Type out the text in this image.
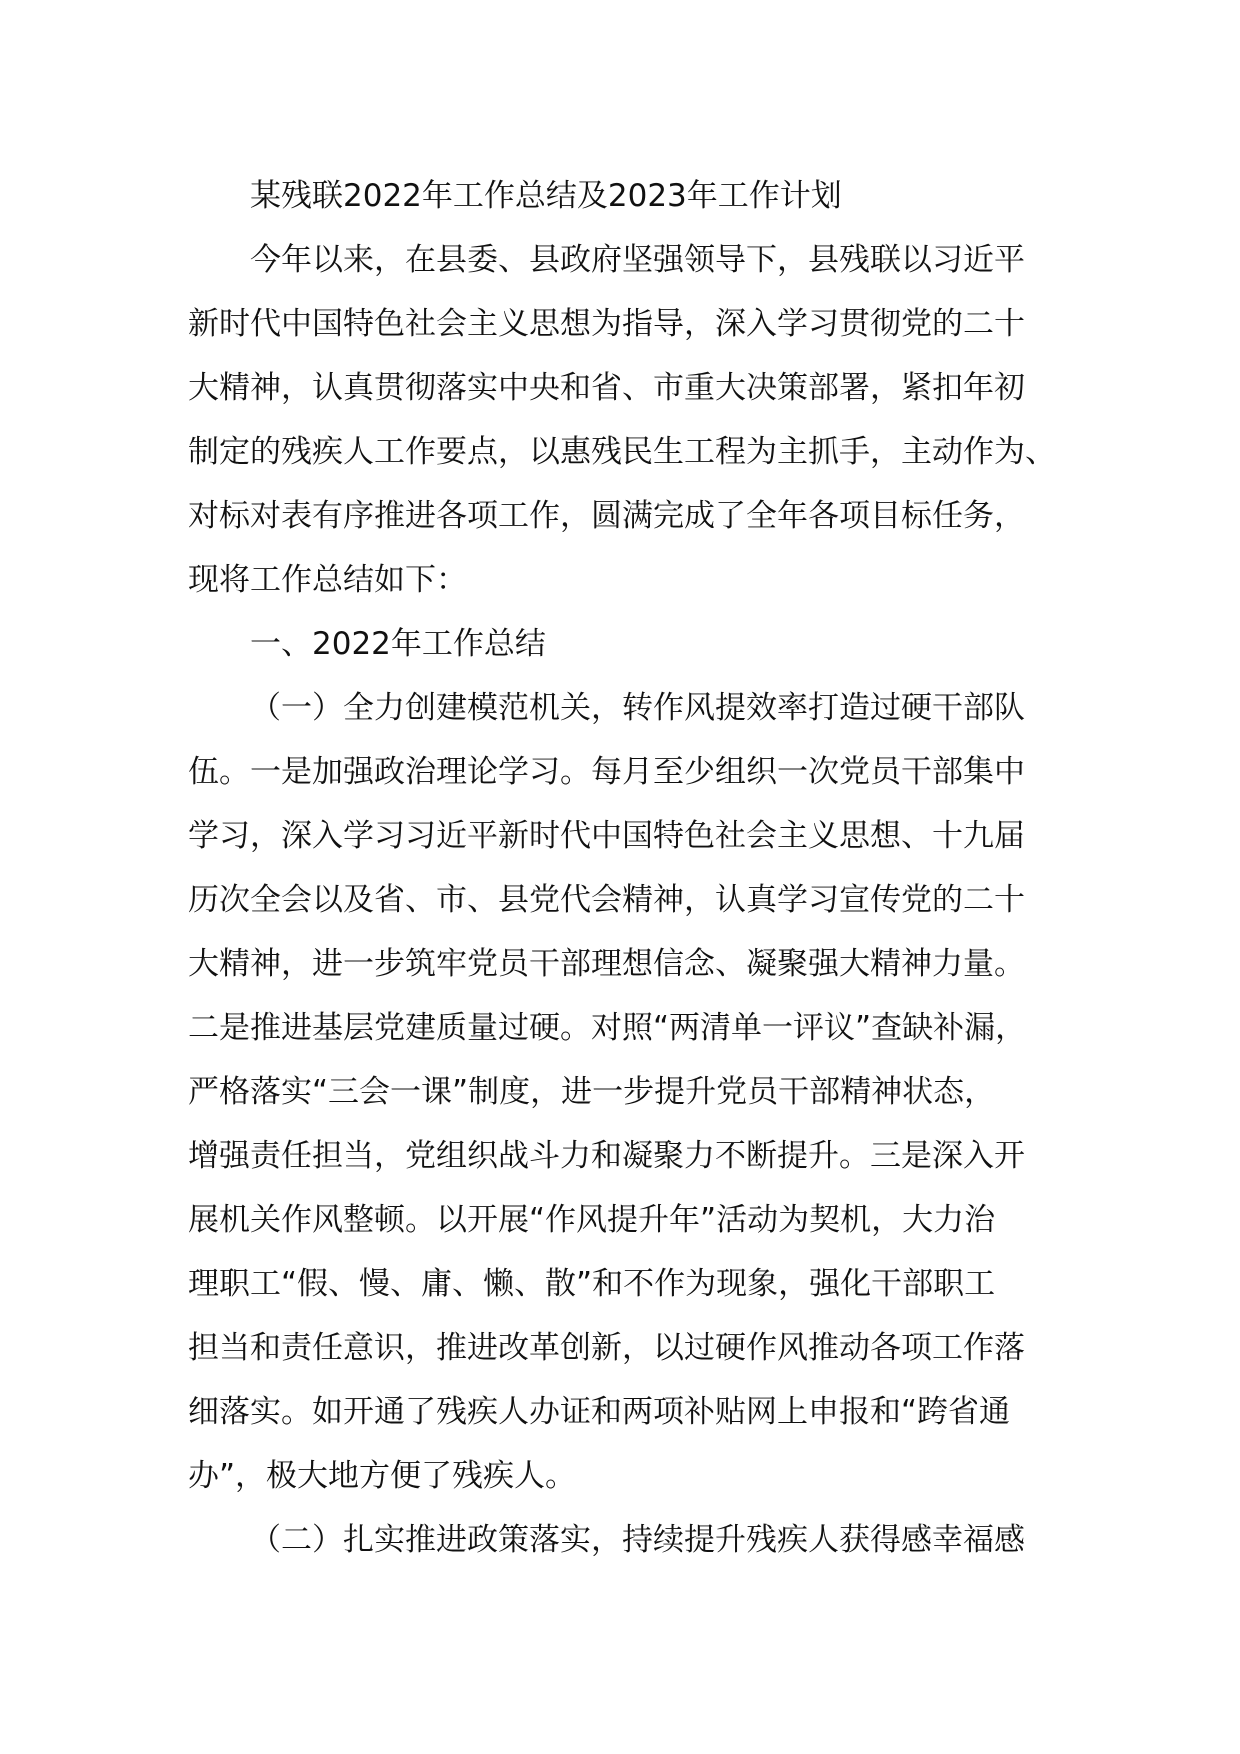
某残联2022年工作总结及2023年工作计划
今年以来，在县委、县政府坚强领导下，县残联以习近平
新时代中国特色社会主义思想为指导，深入学习贯彻党的二十
大精神，认真贯彻落实中央和省、市重大决策部署，紧扣年初
制定的残疾人工作要点，以惠残民生工程为主抓手，主动作为、
对标对表有序推进各项工作，圆满完成了全年各项目标任务，
现将工作总结如下：
一、2022年工作总结
（一）全力创建模范机关，转作风提效率打造过硬干部队
伍。一是加强政治理论学习。每月至少组织一次党员干部集中
学习，深入学习习近平新时代中国特色社会主义思想、十九届
历次全会以及省、市、县党代会精神，认真学习宣传党的二十
大精神，进一步筑牢党员干部理想信念、凝聚强大精神力量。
二是推进基层党建质量过硬。对照“两清单一评议”查缺补漏，
严格落实“三会一课”制度，进一步提升党员干部精神状态，
增强责任担当，党组织战斗力和凝聚力不断提升。三是深入开
展机关作风整顿。以开展“作风提升年”活动为契机，大力治
理职工“假、慢、庸、懒、散”和不作为现象，强化干部职工
担当和责任意识，推进改革创新，以过硬作风推动各项工作落
细落实。如开通了残疾人办证和两项补贴网上申报和“跨省通
办”，极大地方便了残疾人。
（二）扎实推进政策落实，持续提升残疾人获得感幸福感
